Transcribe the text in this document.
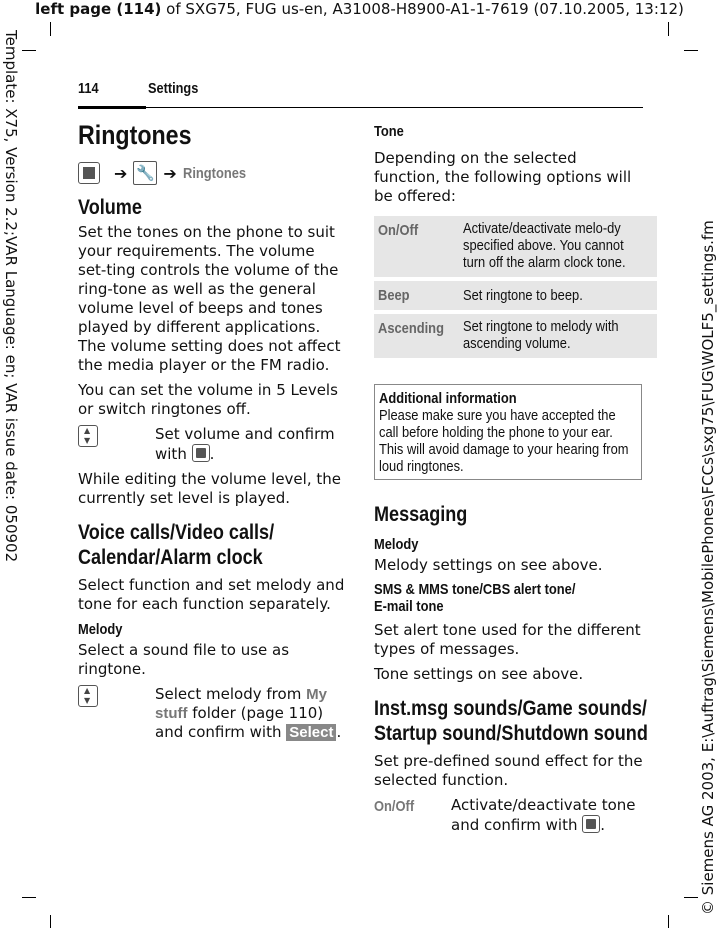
left page (114) of SXG75, FUG us-en, A31008-H8900-A1-1-7619 (07.10.2005, 13:12)
Template: X75, Version 2.2;VAR Language: en; VAR issue date: 050902	© Siemens AG 2003, E:\Auftrag\Siemens\MobilePhones\FCCs\sxg75\FUG\WOLF5_settings.fm
114	Settings
Ringtones
➔ 🔧 ➔ Ringtones
Volume

Set the tones on the phone to suit your requirements. The volume set-ting controls the volume of the ring-tone as well as the general volume level of beeps and tones played by different applications. The volume setting does not affect the media player or the FM radio.

You can set the volume in 5 Levels or switch ringtones off.

▲ ▼
Set volume and confirm with .

While editing the volume level, the currently set level is played.

Voice calls/Video calls/
Calendar/Alarm clock

Select function and set melody and tone for each function separately.

Melody

Select a sound file to use as ringtone.

▲ ▼
Select melody from My stuff folder (page 110) and confirm with Select .
Tone

Depending on the selected function, the following options will be offered:

On/Off	Activate/deactivate melo-dy specified above. You cannot turn off the alarm clock tone.
Beep	Set ringtone to beep.
Ascending	Set ringtone to melody with ascending volume.
Additional information
Please make sure you have accepted the call before holding the phone to your ear. This will avoid damage to your hearing from loud ringtones.
Messaging
Melody

Melody settings on see above.

SMS & MMS tone/CBS alert tone/
E-mail tone

Set alert tone used for the different types of messages.

Tone settings on see above.

Inst.msg sounds/Game sounds/
Startup sound/Shutdown sound

Set pre-defined sound effect for the selected function.

On/Off	Activate/deactivate tone and confirm with .
